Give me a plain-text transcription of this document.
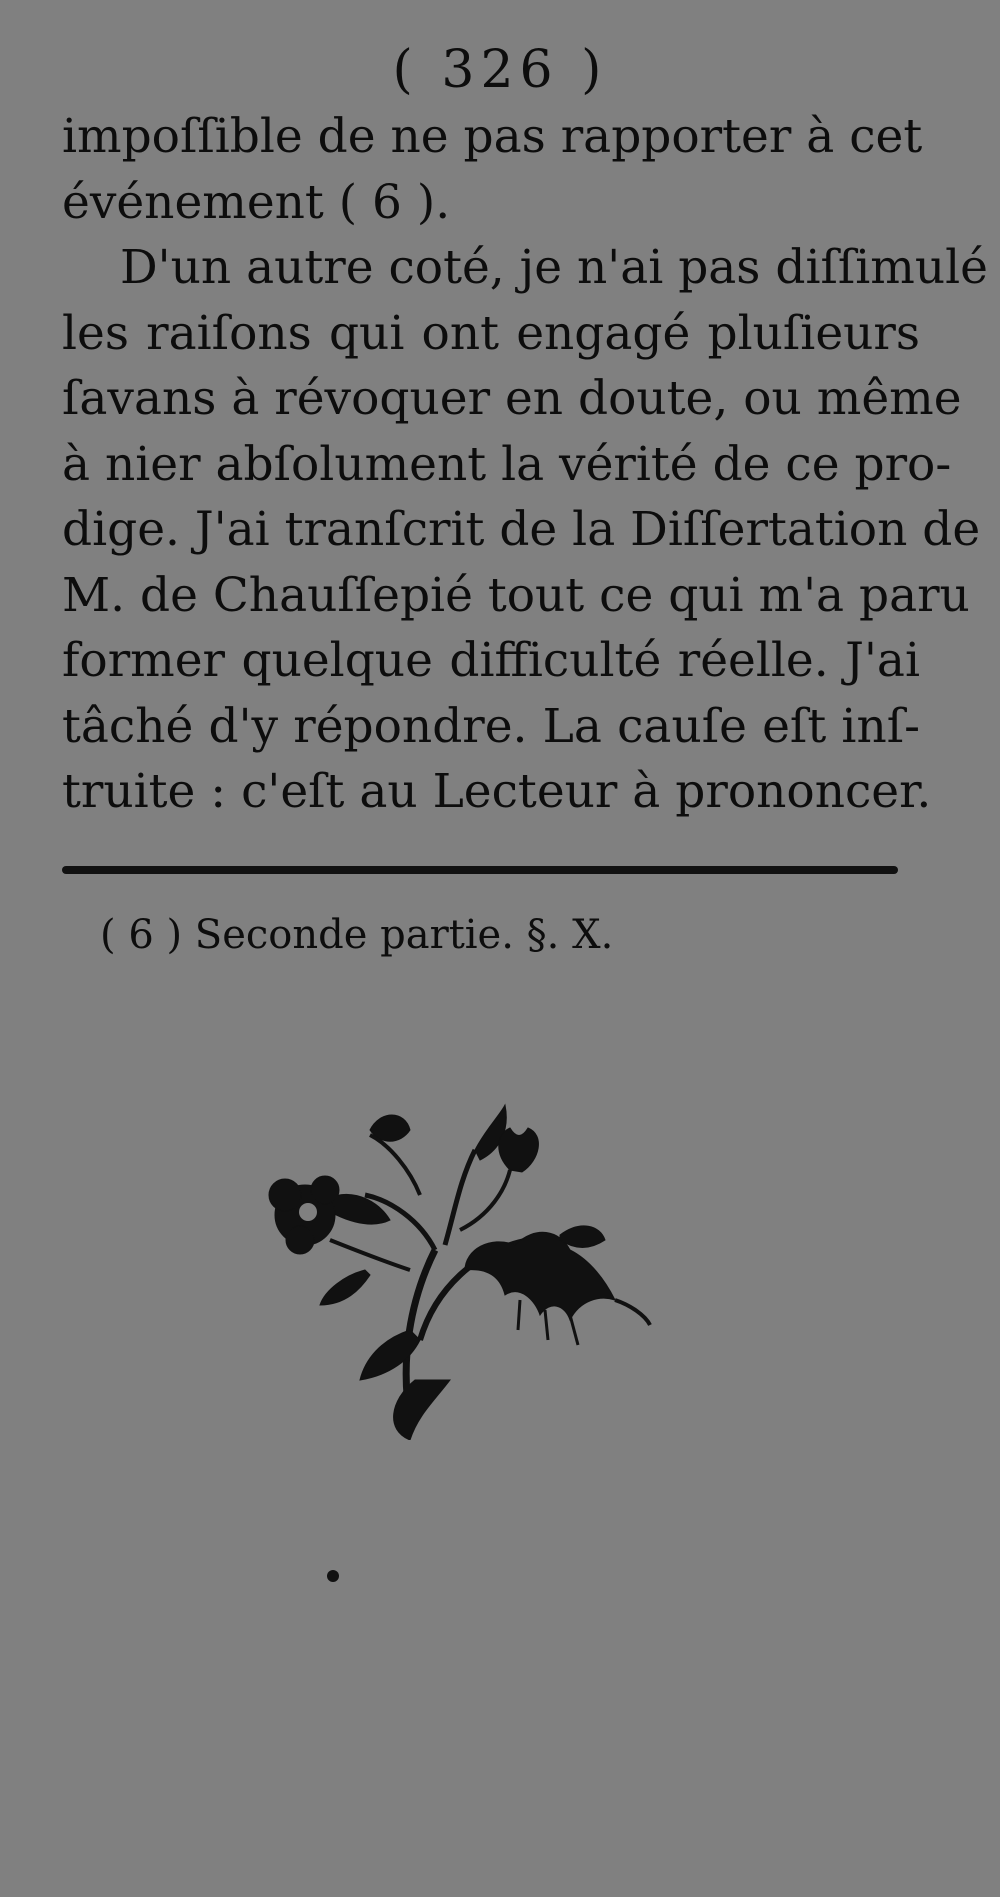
( 326 )
impoſſible de ne pas rapporter à cet
événement ( 6 ).
D'un autre coté, je n'ai pas diſſimulé
les raiſons qui ont engagé pluſieurs
ſavans à révoquer en doute, ou même
à nier abſolument la vérité de ce pro-
dige. J'ai tranſcrit de la Diſſertation de
M. de Chauſſepié tout ce qui m'a paru
former quelque difficulté réelle. J'ai
tâché d'y répondre. La cauſe eſt inſ-
truite : c'eſt au Lecteur à prononcer.
( 6 ) Seconde partie. §. X.
